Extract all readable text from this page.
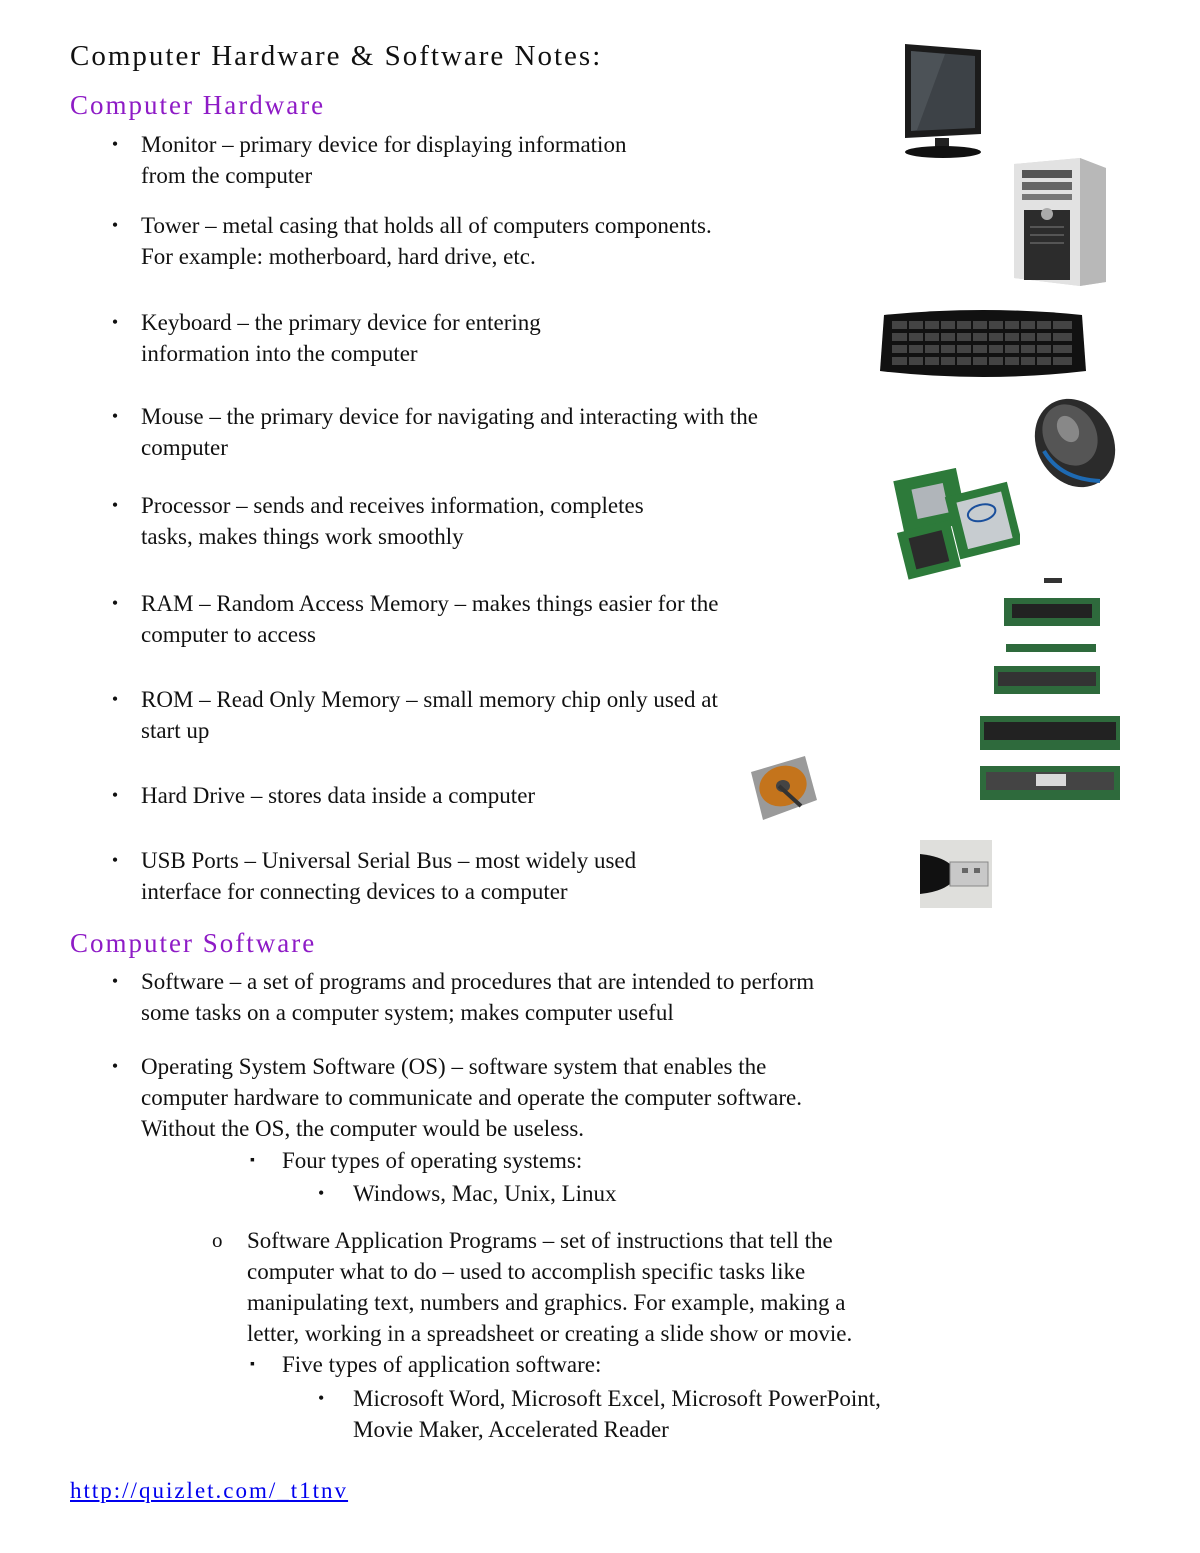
Computer Hardware & Software Notes:
Computer Hardware
• Monitor – primary device for displaying information
from the computer
• Tower – metal casing that holds all of computers components.
For example: motherboard, hard drive, etc.
• Keyboard – the primary device for entering
information into the computer
• Mouse – the primary device for navigating and interacting with the
computer
• Processor – sends and receives information, completes
tasks, makes things work smoothly
• RAM – Random Access Memory – makes things easier for the
computer to access
• ROM – Read Only Memory – small memory chip only used at
start up
• Hard Drive – stores data inside a computer
• USB Ports – Universal Serial Bus – most widely used
interface for connecting devices to a computer
Computer Software
• Software – a set of programs and procedures that are intended to perform
some tasks on a computer system; makes computer useful
• Operating System Software (OS) – software system that enables the
computer hardware to communicate and operate the computer software.
Without the OS, the computer would be useless.
▪ Four types of operating systems:
• Windows, Mac, Unix, Linux
o Software Application Programs – set of instructions that tell the
computer what to do – used to accomplish specific tasks like
manipulating text, numbers and graphics. For example, making a
letter, working in a spreadsheet or creating a slide show or movie.
▪ Five types of application software:
• Microsoft Word, Microsoft Excel, Microsoft PowerPoint,
Movie Maker, Accelerated Reader
http://quizlet.com/_t1tnv
